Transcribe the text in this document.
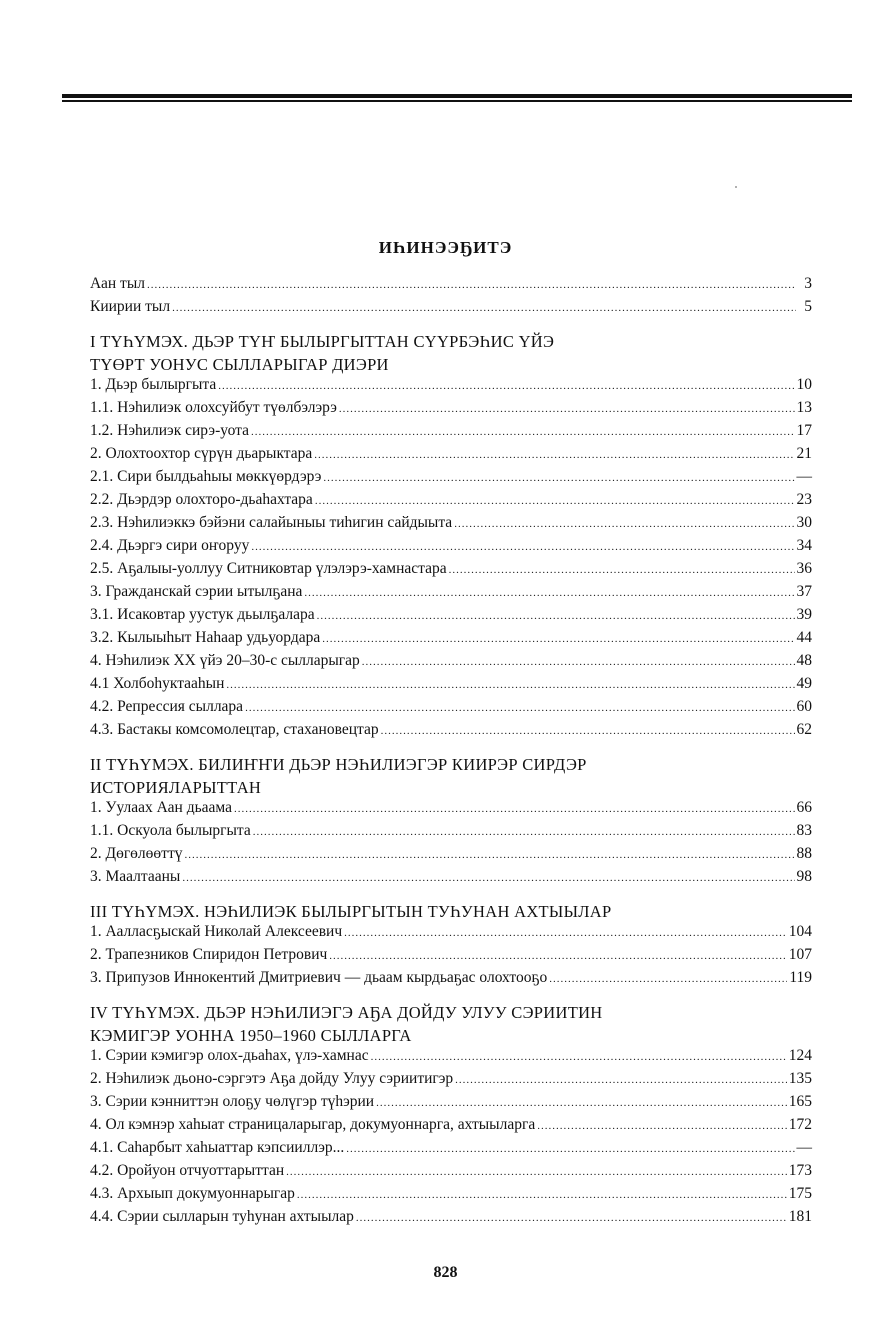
ИҺИНЭЭҔИТЭ
Аан тыл .....	3
Киирии тыл .....	5
I ТҮҺҮМЭХ. ДЬЭР ТҮҤ БЫЛЫРГЫТТАН СҮҮРБЭҺИС ҮЙЭ
ТҮӨРТ УОНУС СЫЛЛАРЫГАР ДИЭРИ
1. Дьэр былыргыта .....	10
1.1. Нэһилиэк олохсуйбут түөлбэлэрэ .....	13
1.2. Нэһилиэк сирэ-уота .....	17
2. Олохтоохтор сүрүн дьарыктара .....	21
2.1. Сири былдьаһыы мөккүөрдэрэ .....	—
2.2. Дьэрдэр олохторо-дьаһахтара .....	23
2.3. Нэһилиэккэ бэйэни салайыныы тиһигин сайдыыта .....	30
2.4. Дьэргэ сири оҥоруу .....	34
2.5. Аҕалыы-уоллуу Ситниковтар үлэлэрэ-хамнастара .....	36
3. Гражданскай сэрии ытылҕана .....	37
3.1. Исаковтар уустук дьылҕалара .....	39
3.2. Кылыыһыт Наһаар удьуордара .....	44
4. Нэһилиэк XX үйэ 20–30-с сылларыгар .....	48
4.1 Холбоһуктааһын .....	49
4.2. Репрессия сыллара .....	60
4.3. Бастакы комсомолецтар, стахановецтар .....	62
II ТҮҺҮМЭХ. БИЛИҤҤИ ДЬЭР НЭҺИЛИЭГЭР КИИРЭР СИРДЭР
ИСТОРИЯЛАРЫТТАН
1. Уулаах Аан дьаама .....	66
1.1. Оскуола былыргыта .....	83
2. Дөгөлөөттү .....	88
3. Маалтааны .....	98
III ТҮҺҮМЭХ. НЭҺИЛИЭК БЫЛЫРГЫТЫН ТУҺУНАН АХТЫЫЛАР
1. Аалласҕыскай Николай Алексеевич .....	104
2. Трапезников Спиридон Петрович .....	107
3. Припузов Иннокентий Дмитриевич — дьаам кырдьаҕас олохтооҕо .....	119
IV ТҮҺҮМЭХ. ДЬЭР НЭҺИЛИЭГЭ АҔА ДОЙДУ УЛУУ СЭРИИТИН
КЭМИГЭР УОННА 1950–1960 СЫЛЛАРГА
1. Сэрии кэмигэр олох-дьаһах, үлэ-хамнас .....	124
2. Нэһилиэк дьоно-сэргэтэ Аҕа дойду Улуу сэриитигэр .....	135
3. Сэрии кэнниттэн олоҕу чөлүгэр түһэрии .....	165
4. Ол кэмнэр хаһыат страницаларыгар, докумуоннарга, ахтыыларга .....	172
4.1. Саһарбыт хаһыаттар кэпсииллэр... .....	—
4.2. Оройуон отчуоттарыттан .....	173
4.3. Архыып докумуоннарыгар .....	175
4.4. Сэрии сылларын туһунан ахтыылар .....	181
828
